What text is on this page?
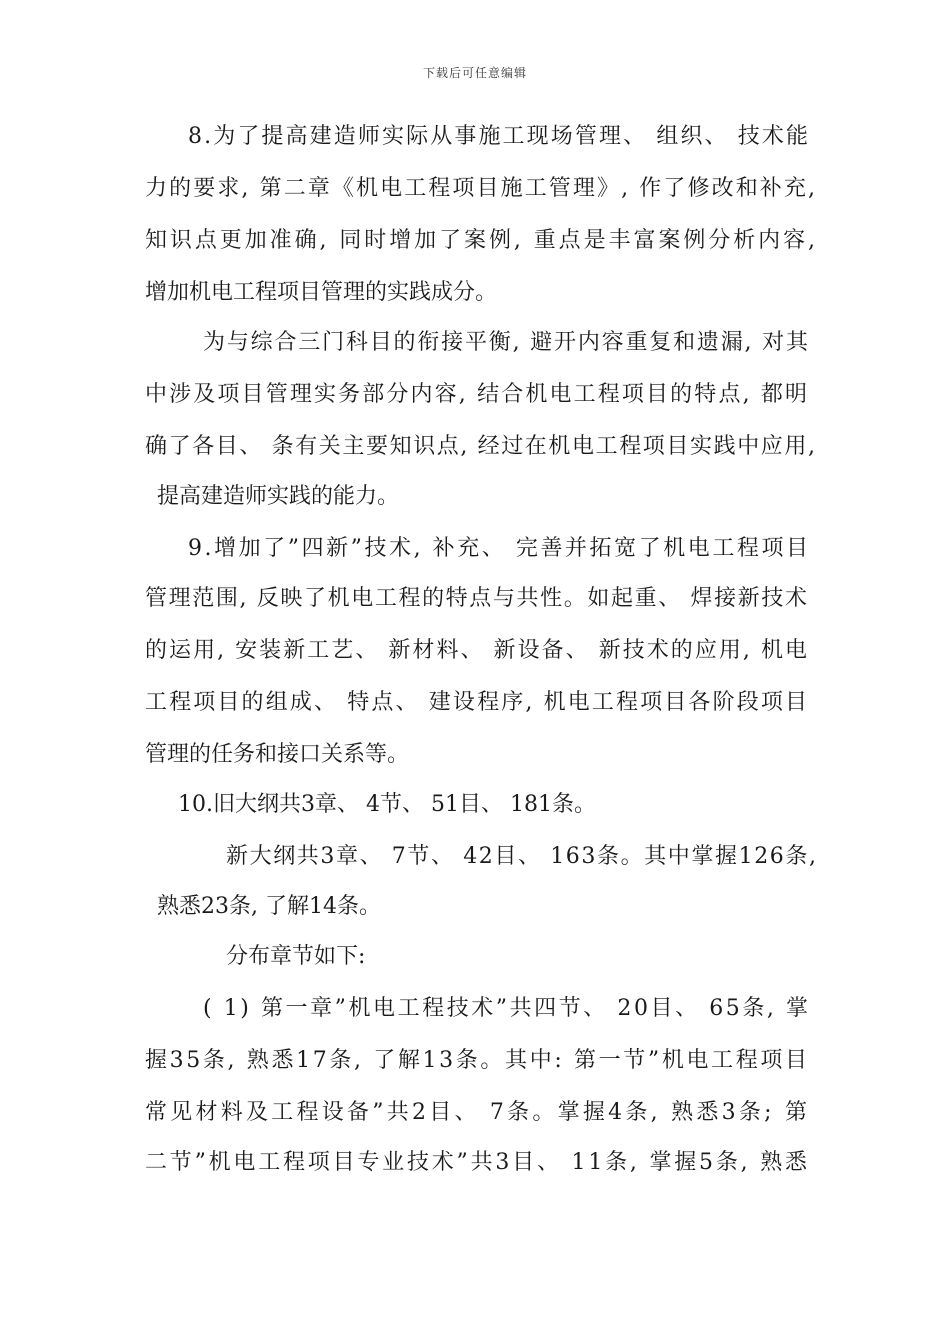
下载后可任意编辑
8.为了提高建造师实际从事施工现场管理、 组织、 技术能
力的要求, 第二章《机电工程项目施工管理》, 作了修改和补充,
知识点更加准确, 同时增加了案例, 重点是丰富案例分析内容,
增加机电工程项目管理的实践成分。
为与综合三门科目的衔接平衡, 避开内容重复和遗漏, 对其
中涉及项目管理实务部分内容, 结合机电工程项目的特点, 都明
确了各目、 条有关主要知识点, 经过在机电工程项目实践中应用,
提高建造师实践的能力。
9.增加了”四新”技术, 补充、 完善并拓宽了机电工程项目
管理范围, 反映了机电工程的特点与共性。如起重、 焊接新技术
的运用, 安装新工艺、 新材料、 新设备、 新技术的应用, 机电
工程项目的组成、 特点、 建设程序, 机电工程项目各阶段项目
管理的任务和接口关系等。
10.旧大纲共3章、 4节、 51目、 181条。
新大纲共3章、 7节、 42目、 163条。其中掌握126条,
熟悉23条, 了解14条。
分布章节如下:
( 1) 第一章”机电工程技术”共四节、 20目、 65条, 掌
握35条, 熟悉17条, 了解13条。其中: 第一节”机电工程项目
常见材料及工程设备”共2目、 7条。掌握4条, 熟悉3条; 第
二节”机电工程项目专业技术”共3目、 11条, 掌握5条, 熟悉
